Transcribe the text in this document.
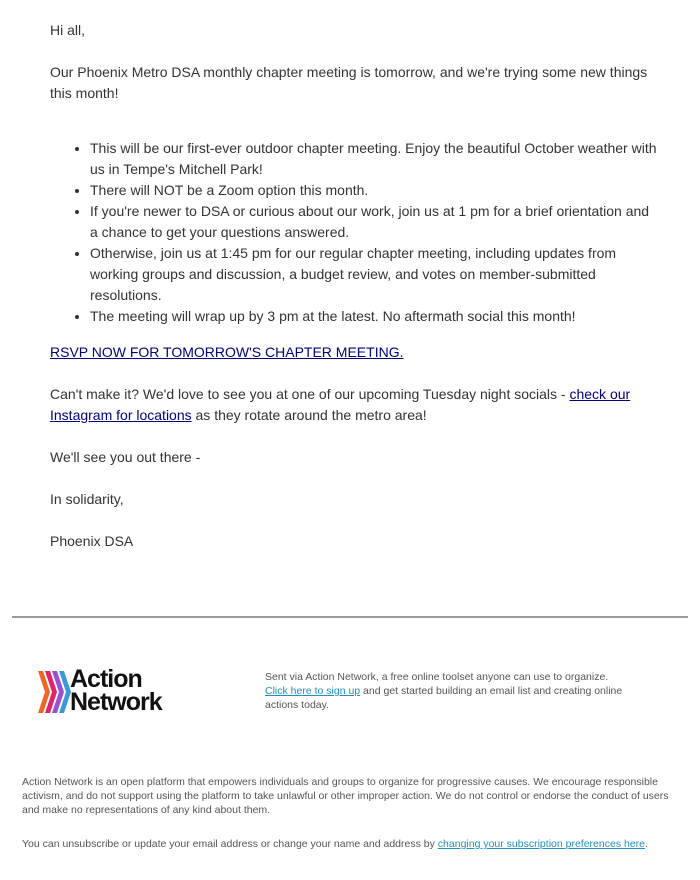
Hi all,

Our Phoenix Metro DSA monthly chapter meeting is tomorrow, and we're trying some new things this month!

• This will be our first-ever outdoor chapter meeting. Enjoy the beautiful October weather with us in Tempe's Mitchell Park!
• There will NOT be a Zoom option this month.
• If you're newer to DSA or curious about our work, join us at 1 pm for a brief orientation and a chance to get your questions answered.
• Otherwise, join us at 1:45 pm for our regular chapter meeting, including updates from working groups and discussion, a budget review, and votes on member-submitted resolutions.
• The meeting will wrap up by 3 pm at the latest. No aftermath social this month!

RSVP NOW FOR TOMORROW'S CHAPTER MEETING.

Can't make it? We'd love to see you at one of our upcoming Tuesday night socials - check our Instagram for locations as they rotate around the metro area!

We'll see you out there -

In solidarity,

Phoenix DSA

Action
Network
Sent via Action Network, a free online toolset anyone can use to organize.
Click here to sign up and get started building an email list and creating online actions today.

Action Network is an open platform that empowers individuals and groups to organize for progressive causes. We encourage responsible activism, and do not support using the platform to take unlawful or other improper action. We do not control or endorse the conduct of users and make no representations of any kind about them.

You can unsubscribe or update your email address or change your name and address by changing your subscription preferences here.
